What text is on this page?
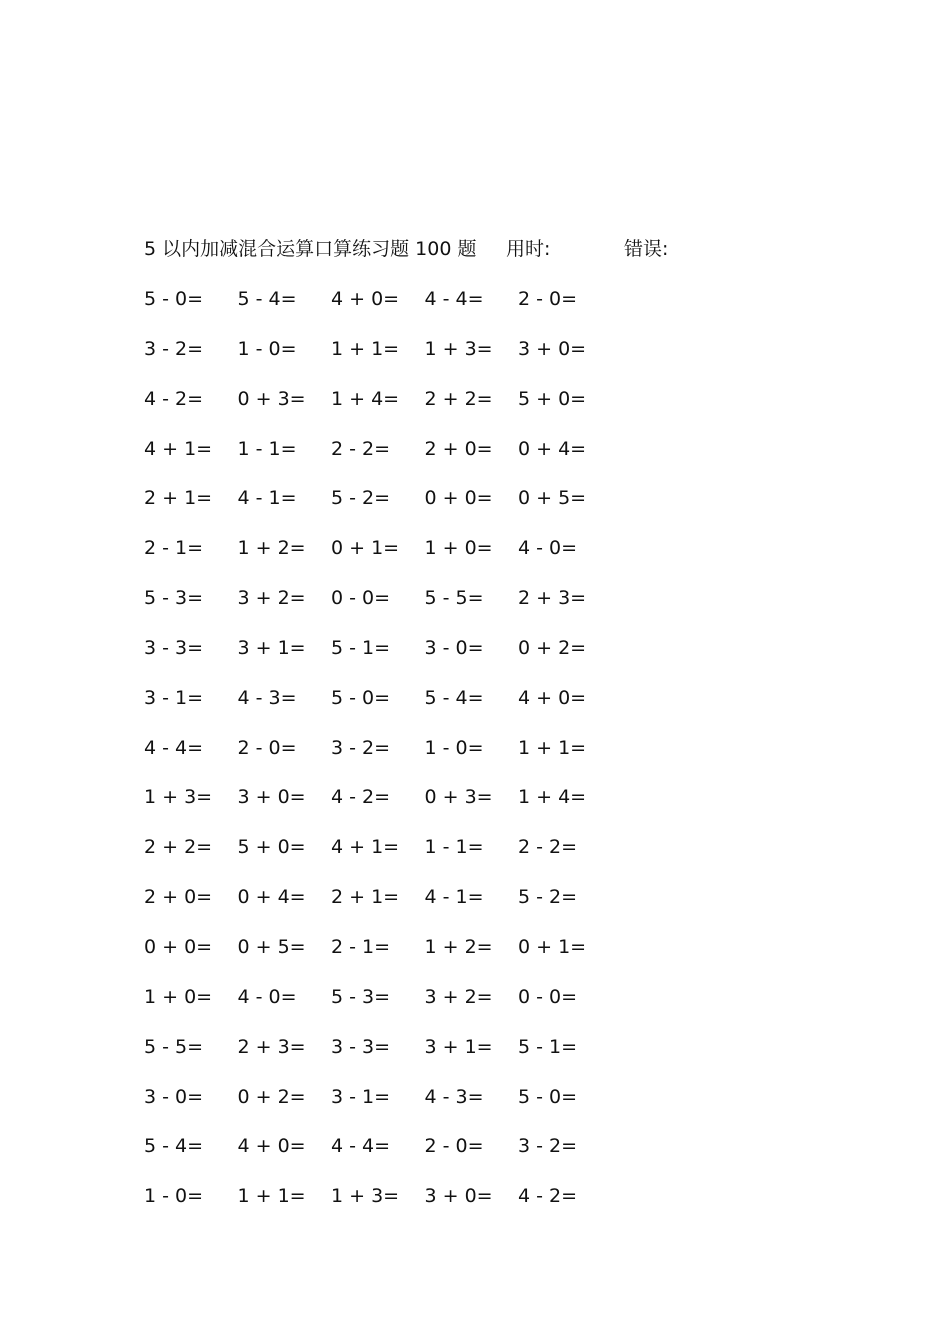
5 以内加减混合运算口算练习题 100 题 用时:	错误:
5 - 0= 5 - 4= 4 + 0= 4 - 4= 2 - 0=
3 - 2= 1 - 0= 1 + 1= 1 + 3= 3 + 0=
4 - 2= 0 + 3= 1 + 4= 2 + 2= 5 + 0=
4 + 1= 1 - 1= 2 - 2= 2 + 0= 0 + 4=
2 + 1= 4 - 1= 5 - 2= 0 + 0= 0 + 5=
2 - 1= 1 + 2= 0 + 1= 1 + 0= 4 - 0=
5 - 3= 3 + 2= 0 - 0= 5 - 5= 2 + 3=
3 - 3= 3 + 1= 5 - 1= 3 - 0= 0 + 2=
3 - 1= 4 - 3= 5 - 0= 5 - 4= 4 + 0=
4 - 4= 2 - 0= 3 - 2= 1 - 0= 1 + 1=
1 + 3= 3 + 0= 4 - 2= 0 + 3= 1 + 4=
2 + 2= 5 + 0= 4 + 1= 1 - 1= 2 - 2=
2 + 0= 0 + 4= 2 + 1= 4 - 1= 5 - 2=
0 + 0= 0 + 5= 2 - 1= 1 + 2= 0 + 1=
1 + 0= 4 - 0= 5 - 3= 3 + 2= 0 - 0=
5 - 5= 2 + 3= 3 - 3= 3 + 1= 5 - 1=
3 - 0= 0 + 2= 3 - 1= 4 - 3= 5 - 0=
5 - 4= 4 + 0= 4 - 4= 2 - 0= 3 - 2=
1 - 0= 1 + 1= 1 + 3= 3 + 0= 4 - 2=
